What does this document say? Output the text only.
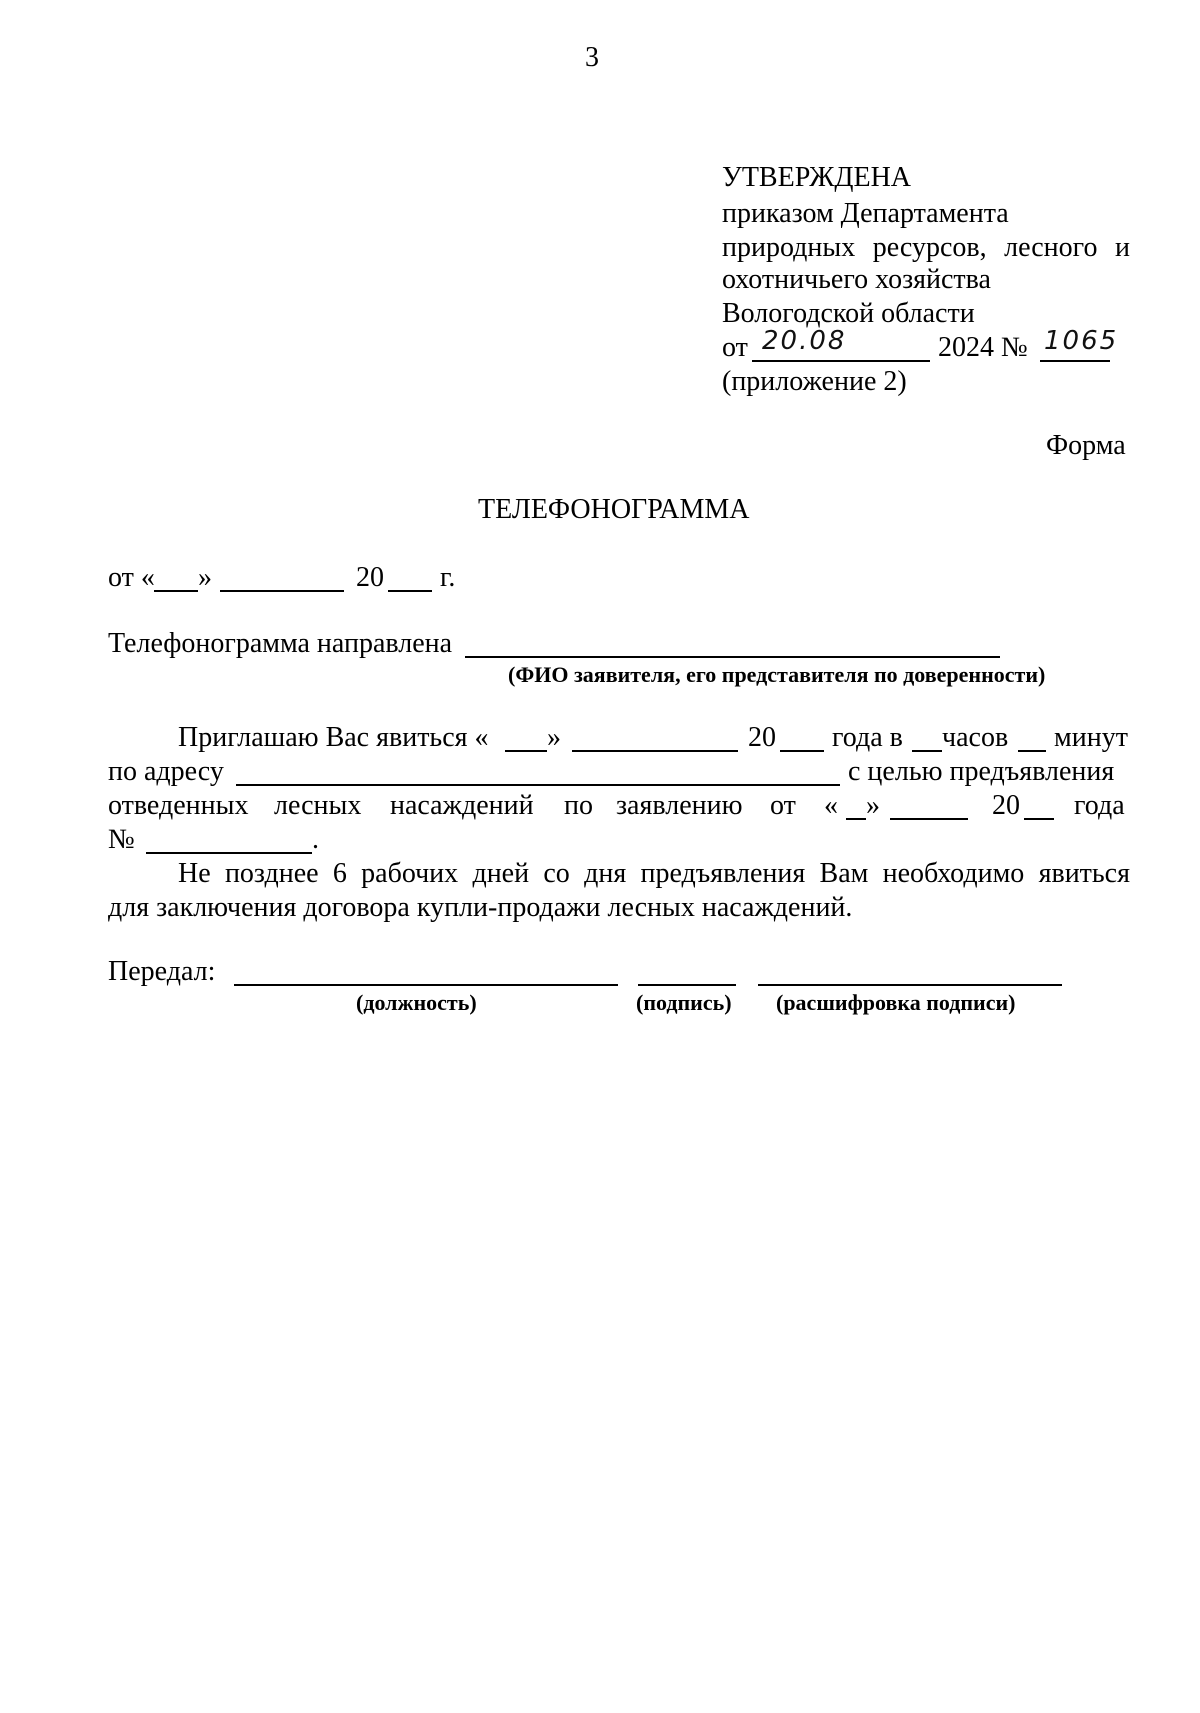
3
УТВЕРЖДЕНА
приказом Департамента
природных ресурсов, лесного и
охотничьего хозяйства
Вологодской области
от 20.08	2024 № 1065
(приложение 2)
Форма
ТЕЛЕФОНОГРАММА
от « »	20 г.
Телефонограмма направлена
(ФИО заявителя, его представителя по доверенности)
Приглашаю Вас явиться « »	20 года в часов минут
по адресу	с целью предъявления
отведенных лесных насаждений по заявлению от « »	20 года
№	.
Не позднее 6 рабочих дней со дня предъявления Вам необходимо явиться
для заключения договора купли-продажи лесных насаждений.
Передал:
(должность)	(подпись) (расшифровка подписи)
